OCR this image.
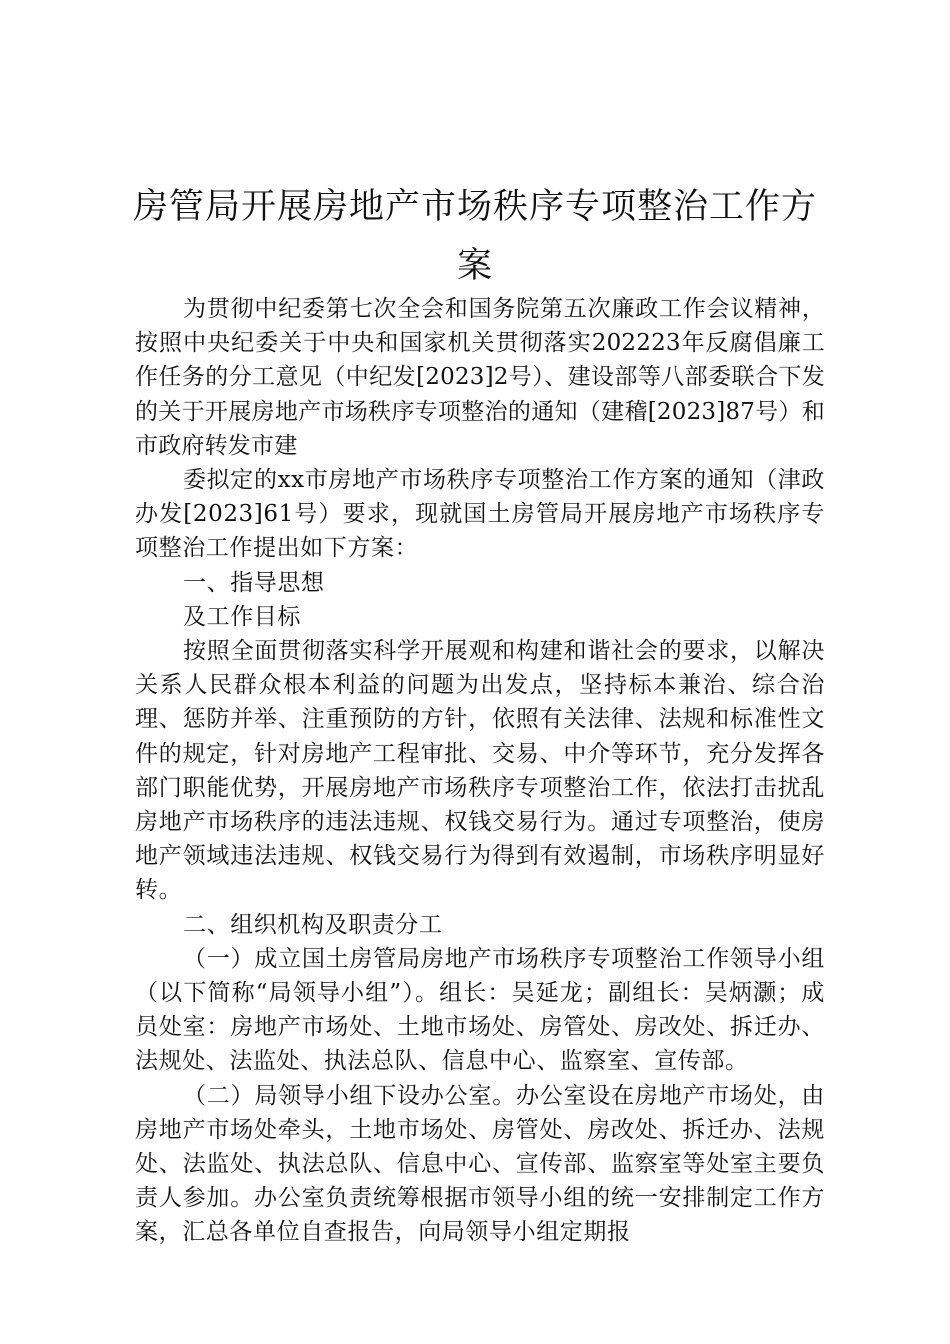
房管局开展房地产市场秩序专项整治工作方
案

为贯彻中纪委第七次全会和国务院第五次廉政工作会议精神，按照中央纪委关于中央和国家机关贯彻落实202223年反腐倡廉工作任务的分工意见（中纪发[2023]2号）、建设部等八部委联合下发的关于开展房地产市场秩序专项整治的通知（建稽[2023]87号）和市政府转发市建

委拟定的xx市房地产市场秩序专项整治工作方案的通知（津政办发[2023]61号）要求，现就国土房管局开展房地产市场秩序专项整治工作提出如下方案：

一、指导思想

及工作目标

按照全面贯彻落实科学开展观和构建和谐社会的要求，以解决关系人民群众根本利益的问题为出发点，坚持标本兼治、综合治理、惩防并举、注重预防的方针，依照有关法律、法规和标准性文件的规定，针对房地产工程审批、交易、中介等环节，充分发挥各部门职能优势，开展房地产市场秩序专项整治工作，依法打击扰乱房地产市场秩序的违法违规、权钱交易行为。通过专项整治，使房地产领域违法违规、权钱交易行为得到有效遏制，市场秩序明显好转。

二、组织机构及职责分工

（一）成立国土房管局房地产市场秩序专项整治工作领导小组（以下简称“局领导小组”）。组长：吴延龙；副组长：吴炳灏；成员处室：房地产市场处、土地市场处、房管处、房改处、拆迁办、法规处、法监处、执法总队、信息中心、监察室、宣传部。

（二）局领导小组下设办公室。办公室设在房地产市场处，由房地产市场处牵头，土地市场处、房管处、房改处、拆迁办、法规处、法监处、执法总队、信息中心、宣传部、监察室等处室主要负责人参加。办公室负责统筹根据市领导小组的统一安排制定工作方案，汇总各单位自查报告，向局领导小组定期报
